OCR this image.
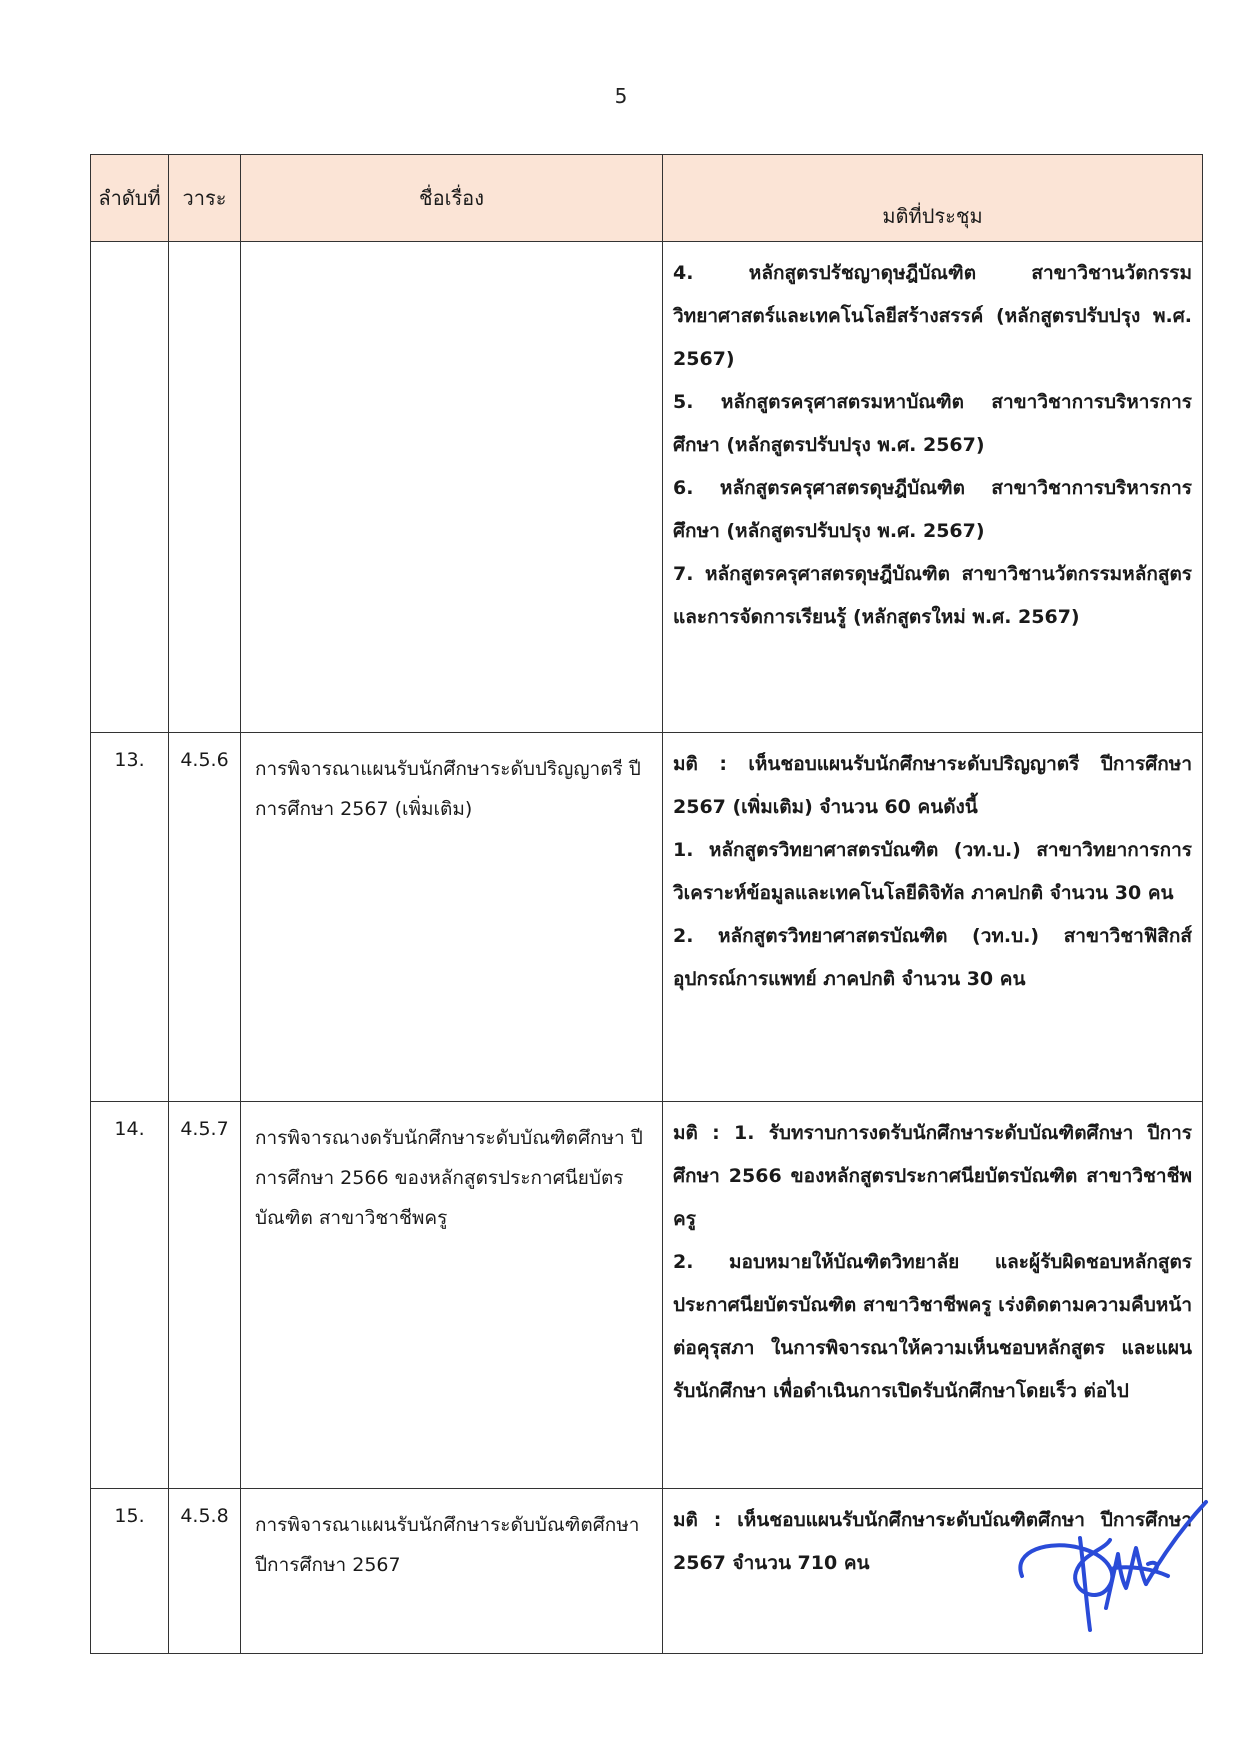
5
ลำดับที่	วาระ	ชื่อเรื่อง	มติที่ประชุม

			4. หลักสูตรปรัชญาดุษฎีบัณฑิต สาขาวิชานวัตกรรมวิทยาศาสตร์และเทคโนโลยีสร้างสรรค์ (หลักสูตรปรับปรุง พ.ศ. 2567)
5. หลักสูตรครุศาสตรมหาบัณฑิต สาขาวิชาการบริหารการศึกษา (หลักสูตรปรับปรุง พ.ศ. 2567)
6. หลักสูตรครุศาสตรดุษฎีบัณฑิต สาขาวิชาการบริหารการศึกษา (หลักสูตรปรับปรุง พ.ศ. 2567)
7. หลักสูตรครุศาสตรดุษฎีบัณฑิต สาขาวิชานวัตกรรมหลักสูตรและการจัดการเรียนรู้ (หลักสูตรใหม่ พ.ศ. 2567)

13.	4.5.6	การพิจารณาแผนรับนักศึกษาระดับปริญญาตรี ปีการศึกษา 2567 (เพิ่มเติม)	มติ : เห็นชอบแผนรับนักศึกษาระดับปริญญาตรี ปีการศึกษา 2567 (เพิ่มเติม) จำนวน 60 คนดังนี้
1. หลักสูตรวิทยาศาสตรบัณฑิต (วท.บ.) สาขาวิทยาการการวิเคราะห์ข้อมูลและเทคโนโลยีดิจิทัล ภาคปกติ จำนวน 30 คน
2. หลักสูตรวิทยาศาสตรบัณฑิต (วท.บ.) สาขาวิชาฟิสิกส์อุปกรณ์การแพทย์ ภาคปกติ จำนวน 30 คน

14.	4.5.7	การพิจารณางดรับนักศึกษาระดับบัณฑิตศึกษา ปีการศึกษา 2566 ของหลักสูตรประกาศนียบัตรบัณฑิต สาขาวิชาชีพครู	มติ : 1. รับทราบการงดรับนักศึกษาระดับบัณฑิตศึกษา ปีการศึกษา 2566 ของหลักสูตรประกาศนียบัตรบัณฑิต สาขาวิชาชีพครู
2. มอบหมายให้บัณฑิตวิทยาลัย และผู้รับผิดชอบหลักสูตรประกาศนียบัตรบัณฑิต สาขาวิชาชีพครู เร่งติดตามความคืบหน้าต่อคุรุสภา ในการพิจารณาให้ความเห็นชอบหลักสูตร และแผนรับนักศึกษา เพื่อดำเนินการเปิดรับนักศึกษาโดยเร็ว ต่อไป

15.	4.5.8	การพิจารณาแผนรับนักศึกษาระดับบัณฑิตศึกษา ปีการศึกษา 2567	มติ : เห็นชอบแผนรับนักศึกษาระดับบัณฑิตศึกษา ปีการศึกษา 2567 จำนวน 710 คน
